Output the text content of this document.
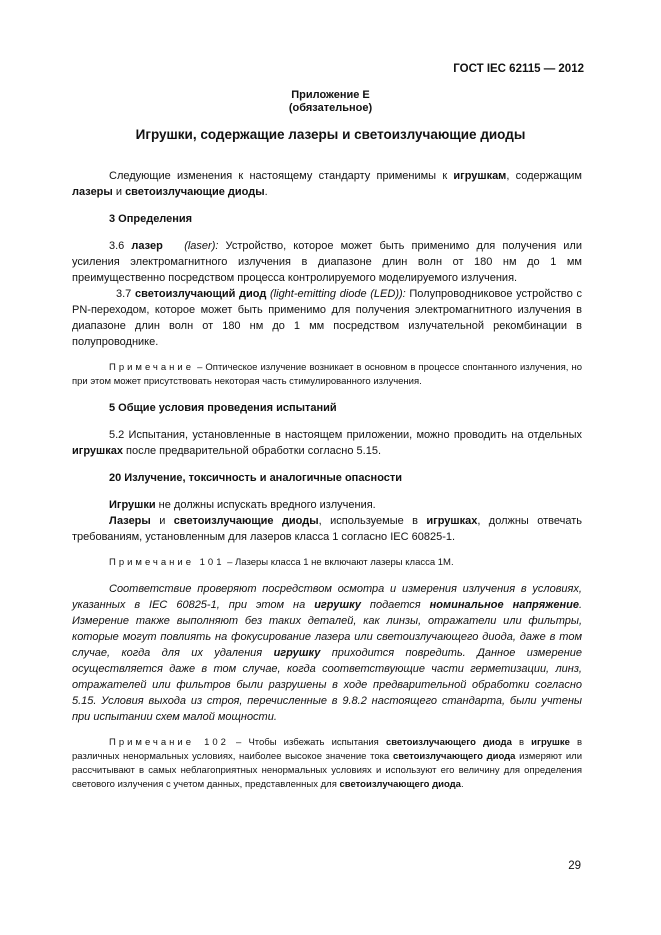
ГОСТ IEC 62115 — 2012
Приложение Е
(обязательное)
Игрушки, содержащие лазеры и светоизлучающие диоды

Следующие изменения к настоящему стандарту применимы к игрушкам, содержащим лазеры и светоизлучающие диоды.

3 Определения

3.6 лазер (laser): Устройство, которое может быть применимо для получения или усиления электромагнитного излучения в диапазоне длин волн от 180 нм до 1 мм преимущественно посредством процесса контролируемого моделируемого излучения.

3.7 светоизлучающий диод (light-emitting diode (LED)): Полупроводниковое устройство с PN-переходом, которое может быть применимо для получения электромагнитного излучения в диапазоне длин волн от 180 нм до 1 мм посредством излучательной рекомбинации в полупроводнике.

Примечание – Оптическое излучение возникает в основном в процессе спонтанного излучения, но при этом может присутствовать некоторая часть стимулированного излучения.

5 Общие условия проведения испытаний

5.2 Испытания, установленные в настоящем приложении, можно проводить на отдельных игрушках после предварительной обработки согласно 5.15.

20 Излучение, токсичность и аналогичные опасности

Игрушки не должны испускать вредного излучения.

Лазеры и светоизлучающие диоды, используемые в игрушках, должны отвечать требованиям, установленным для лазеров класса 1 согласно IEC 60825-1.

Примечание 101 – Лазеры класса 1 не включают лазеры класса 1М.

Соответствие проверяют посредством осмотра и измерения излучения в условиях, указанных в IEC 60825-1, при этом на игрушку подается номинальное напряжение. Измерение также выполняют без таких деталей, как линзы, отражатели или фильтры, которые могут повлиять на фокусирование лазера или светоизлучающего диода, даже в том случае, когда для их удаления игрушку приходится повредить. Данное измерение осуществляется даже в том случае, когда соответствующие части герметизации, линз, отражателей или фильтров были разрушены в ходе предварительной обработки согласно 5.15. Условия выхода из строя, перечисленные в 9.8.2 настоящего стандарта, были учтены при испытании схем малой мощности.

Примечание 102 – Чтобы избежать испытания светоизлучающего диода в игрушке в различных ненормальных условиях, наиболее высокое значение тока светоизлучающего диода измеряют или рассчитывают в самых неблагоприятных ненормальных условиях и используют его величину для определения светового излучения с учетом данных, представленных для светоизлучающего диода.

29
